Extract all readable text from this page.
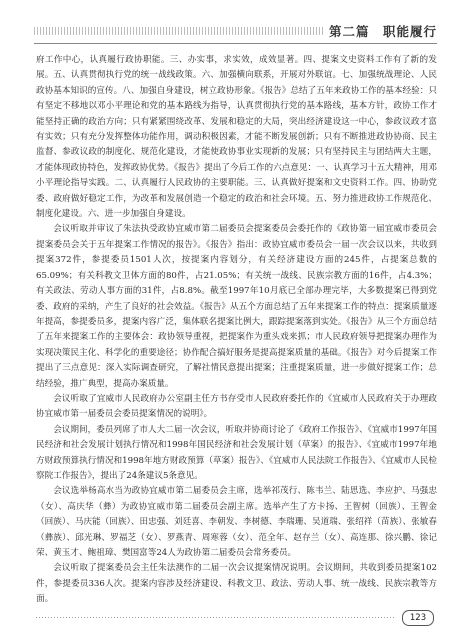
第二篇　职能履行

府工作中心，认真履行政协职能。三、办实事，求实效，成效显著。四、提案文史资料工作有了新的发展。五、认真贯彻执行党的统一战线政策。六、加强横向联系，开展对外联谊。七、加强统战理论、人民政协基本知识的宣传。八、加强自身建设，树立政协形象。《报告》总结了五年来政协工作的基本经验：只有坚定不移地以邓小平理论和党的基本路线为指导，认真贯彻执行党的基本路线，基本方针，政协工作才能坚持正确的政治方向；只有紧紧围绕改革、发展和稳定的大局，突出经济建设这一中心，参政议政才富有实效；只有充分发挥整体功能作用，调动积极因素，才能不断发展创新；只有不断推进政协协商、民主监督、参政议政的制度化、规范化建设，才能使政协事业实现新的发展；只有坚持民主与团结两大主题，才能体现政协特色，发挥政协优势。《报告》提出了今后工作的六点意见：一、认真学习十五大精神，用邓小平理论指导实践。二、认真履行人民政协的主要职能。三、认真做好提案和文史资料工作。四、协助党委、政府做好稳定工作，为改革和发展创造一个稳定的政治和社会环境。五、努力推进政协工作规范化、制度化建设。六、进一步加强自身建设。

会议听取并审议了朱法执受政协宜威市第二届委员会提案委员会委托作的《政协第一届宜威市委员会提案委员会关于五年提案工作情况的报告》。《报告》指出：政协宜威市委员会一届一次会议以来，共收到提案372件，参提委员1501人次，按提案内容划分，有关经济建设方面的245件，占提案总数的65.09%；有关科教文卫体方面的80件，占21.05%；有关统一战线、民族宗教方面的16件，占4.3%；有关政法、劳动人事方面的31件，占8.8%。截至1997年10月底已全部办理完毕，大多数提案已得到党委、政府的采纳，产生了良好的社会效益。《报告》从五个方面总结了五年来提案工作的特点：提案质量逐年提高，参提委员多，提案内容广泛，集体联名提案比例大，跟踪提案落到实处。《报告》从三个方面总结了五年来提案工作的主要体会：政协领导重视，把提案作为重头戏来抓；市人民政府领导把提案办理作为实现决策民主化、科学化的重要途径；协作配合搞好服务是提高提案质量的基础。《报告》对今后提案工作提出了三点意见：深入实际调查研究，了解社情民意提出提案；注重提案质量，进一步做好提案工作；总结经验，推广典型，提高办案质量。

会议听取了宜威市人民政府办公室副主任方书存受市人民政府委托作的《宜威市人民政府关于办理政协宜威市第一届委员会委员提案情况的说明》。

会议期间，委员列席了市人大二届一次会议，听取并协商讨论了《政府工作报告》、《宜威市1997年国民经济和社会发展计划执行情况和1998年国民经济和社会发展计划（草案）的报告》、《宜威市1997年地方财政预算执行情况和1998年地方财政预算（草案）报告》、《宜威市人民法院工作报告》、《宜威市人民检察院工作报告》，提出了24条建议5条意见。

会议选举杨高水当为政协宜威市第二届委员会主席，选举祁茂行、陈韦兰、陆思选、李应护、马强忠（女）、高庆华（彝）为政协宜威市第二届委员会副主席。选举产生了方卡扬、王智树（回族）、王智金（回族）、马庆能（回族）、田忠强、刘廷喜、李朝发、李树德、李瑞珊、吴道瑞、张绍祥（苗族）、张敏春（彝族）、邱光琳、罗福芝（女）、罗燕青、周寒蓉（女）、范全年、赵存兰（女）、高连那、徐兴鹏、徐记荣、黄玉才、鲍祖璋、樊国富等24人为政协第二届委员会常务委员。

会议听取了提案委员会主任朱法澳作的二届一次会议提案情况说明。会议期间，共收到委员提案102件，参提委员336人次。提案内容涉及经济建设、科教文卫、政法、劳动人事、统一战线、民族宗教等方面。

123
